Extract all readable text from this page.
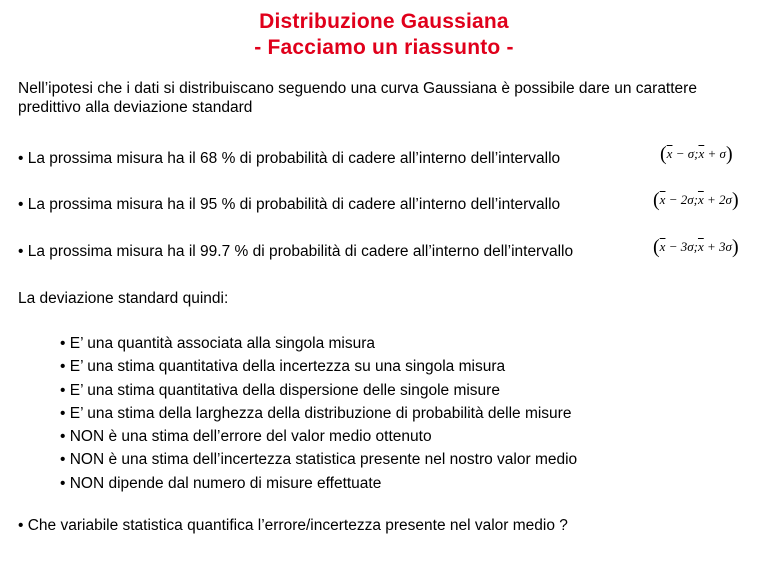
Distribuzione Gaussiana
- Facciamo un riassunto -
Nell’ipotesi che i dati si distribuiscano seguendo una curva Gaussiana è possibile dare un carattere predittivo alla deviazione standard
• La prossima misura ha il 68 % di probabilità di cadere all’interno dell’intervallo	($\overline{x}$ − $\sigma;\overline{x} + \sigma$)
• La prossima misura ha il 95 % di probabilità di cadere all’interno dell’intervallo	($\overline{x}$ − $2\sigma;\overline{x} + 2\sigma$)
• La prossima misura ha il 99.7 % di probabilità di cadere all’interno dell’intervallo	($\overline{x}$ − $3\sigma;\overline{x} + 3\sigma$)
La deviazione standard quindi:
• E’ una quantità associata alla singola misura
• E’ una stima quantitativa della incertezza su una singola misura
• E’ una stima quantitativa della dispersione delle singole misure
• E’ una stima della larghezza della distribuzione di probabilità delle misure
• NON è una stima dell’errore del valor medio ottenuto
• NON è una stima dell’incertezza statistica presente nel nostro valor medio
• NON dipende dal numero di misure effettuate
• Che variabile statistica quantifica l’errore/incertezza presente nel valor medio ?
